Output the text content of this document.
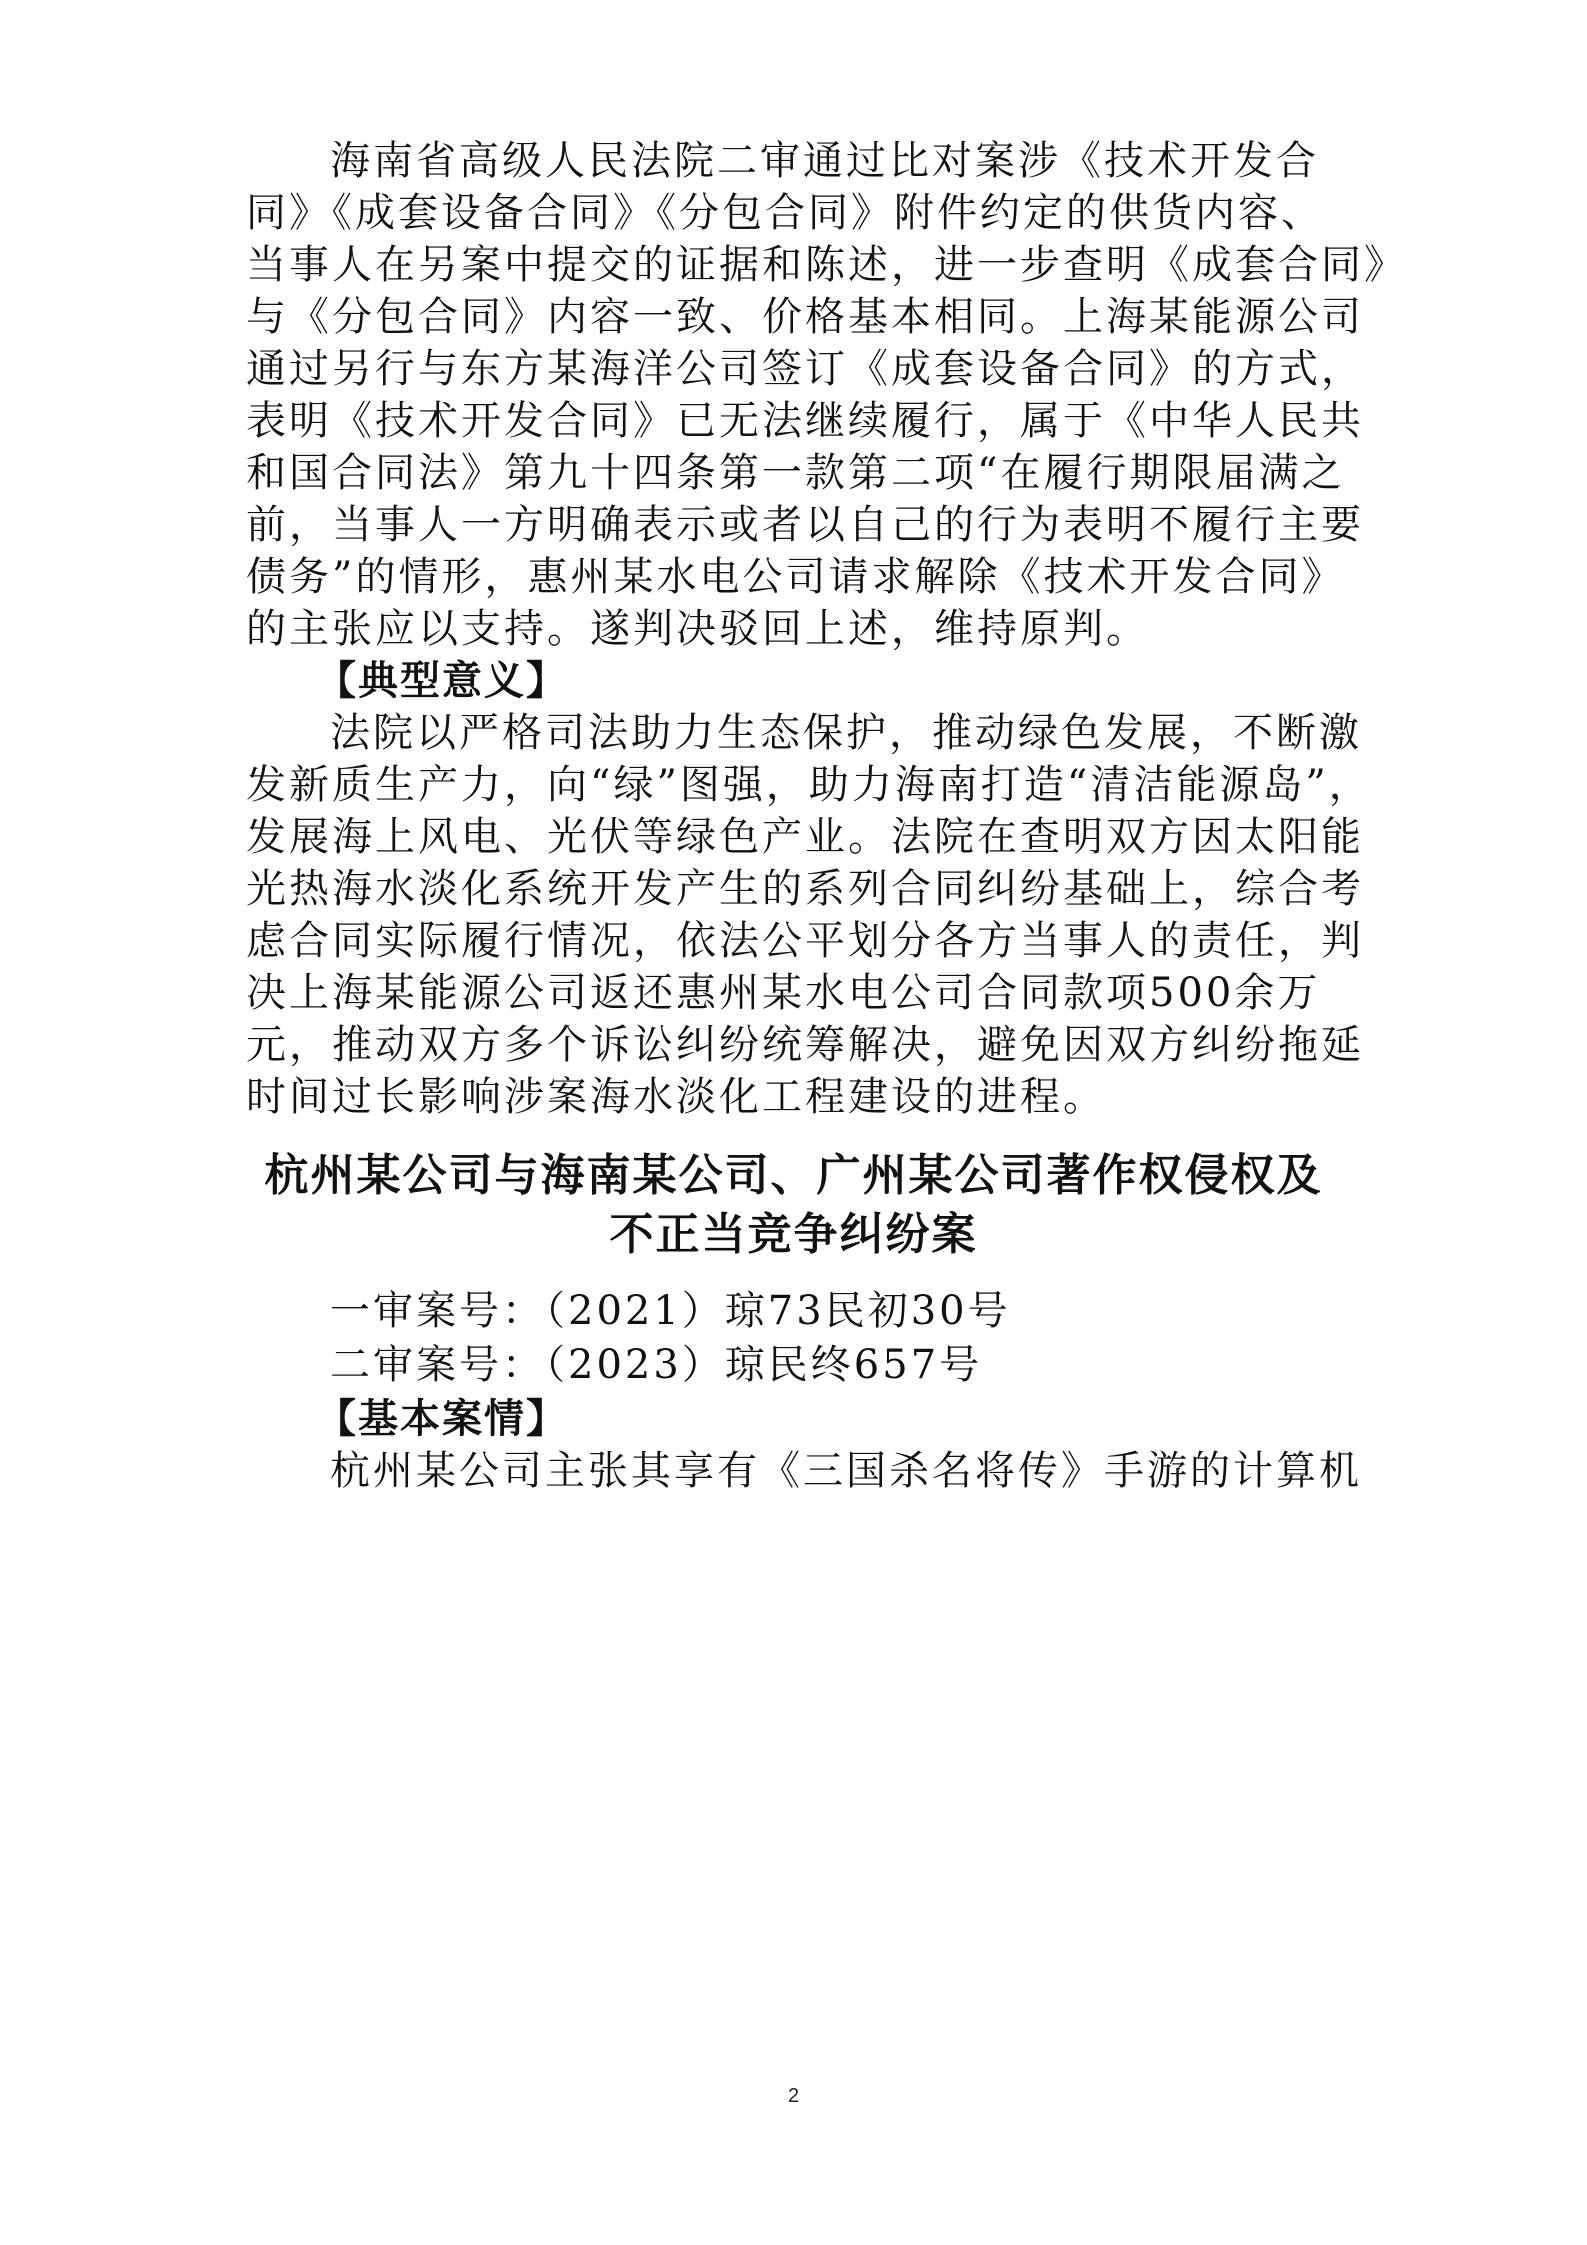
海南省高级人民法院二审通过比对案涉《技术开发合
同》《成套设备合同》《分包合同》附件约定的供货内容、
当事人在另案中提交的证据和陈述，进一步查明《成套合同》
与《分包合同》内容一致、价格基本相同。上海某能源公司
通过另行与东方某海洋公司签订《成套设备合同》的方式，
表明《技术开发合同》已无法继续履行，属于《中华人民共
和国合同法》第九十四条第一款第二项“在履行期限届满之
前，当事人一方明确表示或者以自己的行为表明不履行主要
债务”的情形，惠州某水电公司请求解除《技术开发合同》
的主张应以支持。遂判决驳回上述，维持原判。
【典型意义】
法院以严格司法助力生态保护，推动绿色发展，不断激
发新质生产力，向“绿”图强，助力海南打造“清洁能源岛”，
发展海上风电、光伏等绿色产业。法院在查明双方因太阳能
光热海水淡化系统开发产生的系列合同纠纷基础上，综合考
虑合同实际履行情况，依法公平划分各方当事人的责任，判
决上海某能源公司返还惠州某水电公司合同款项500余万
元，推动双方多个诉讼纠纷统筹解决，避免因双方纠纷拖延
时间过长影响涉案海水淡化工程建设的进程。
杭州某公司与海南某公司、广州某公司著作权侵权及
不正当竞争纠纷案
一审案号：（2021）琼73民初30号
二审案号：（2023）琼民终657号
【基本案情】
杭州某公司主张其享有《三国杀名将传》手游的计算机
2
